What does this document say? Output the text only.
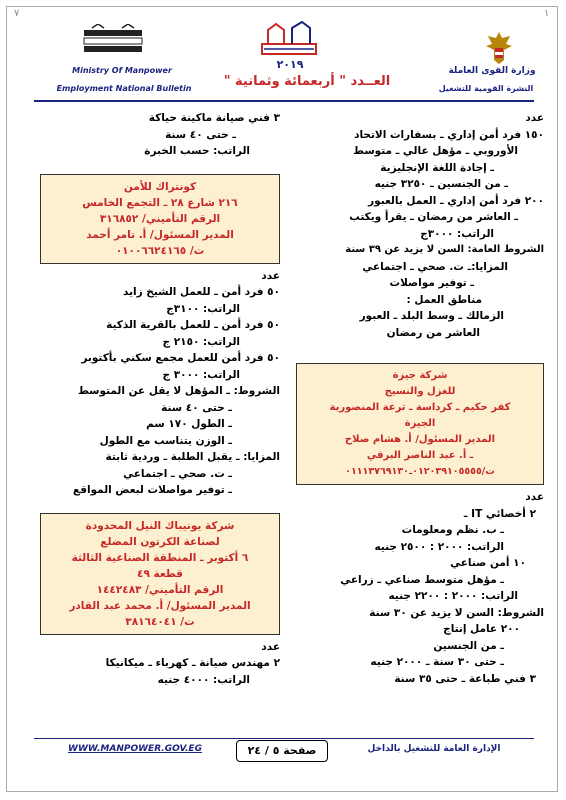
٧	١
Ministry Of Manpower
Employment National Bulletin
٢٠١٩
العــدد " أربعمائة وثمانية "
وزارة القوى العاملة
النشرة القومية للتشغيل
عدد
١٥٠ فرد أمن إداري ـ بسفارات الاتحاد
الأوروبي ـ مؤهل عالي ـ متوسط
ـ إجادة اللغة الإنجليزية
ـ من الجنسين ـ ٣٢٥٠ جنيه
٢٠٠ فرد أمن إداري ـ العمل بالعبور
ـ العاشر من رمضان ـ يقرأ ويكتب
الراتب: ٣٠٠٠ج
الشروط العامة: السن لا يزيد عن ٣٩ سنة
المزايا:ـ ت. صحي ـ اجتماعي
ـ توفير مواصلات
مناطق العمل :
الزمالك ـ وسط البلد ـ العبور
العاشر من رمضان
شركة جيزة
للغزل والنسيج
كفر حكيم ـ كرداسة ـ ترعة المنصورية
الجيزة
المدير المسئول/ أ. هشام صلاح
ـ أ. عبد الناصر البرقي
ت/٠١٢٠٣٩١٠٥٥٥٥ـ٠١١١٣٧٦٩١٣٠
عدد
٢ أخصائي IT ـ
ـ ب. نظم ومعلومات
الراتب: ٢٠٠٠ : ٢٥٠٠ جنيه
١٠ أمن صناعي
ـ مؤهل متوسط صناعي ـ زراعي
الراتب: ٢٠٠٠ : ٢٢٠٠ جنيه
الشروط: السن لا يزيد عن ٣٠ سنة
٢٠٠ عامل إنتاج
ـ من الجنسين
ـ حتى ٣٠ سنة ـ ٢٠٠٠ جنيه
٣ فني طباعة ـ حتى ٣٥ سنة
٣ فني صيانة ماكينة حياكة
ـ حتى ٤٠ سنة
الراتب: حسب الخبرة
كونتراك للأمن
٢١٦ شارع ٢٨ ـ التجمع الخامس
الرقم التأميني/ ٣١٦٨٥٢
المدير المسئول/ أ. تامر أحمد
ت/ ٠١٠٠٦٦٢٤١٦٥
عدد
٥٠ فرد أمن ـ للعمل الشيخ زايد
الراتب: ٣١٠٠ج
٥٠ فرد أمن ـ للعمل بالقرية الذكية
الراتب: ٢١٥٠ ج
٥٠ فرد أمن للعمل مجمع سكني بأكتوبر
الراتب: ٣٠٠٠ ج
الشروط: ـ المؤهل لا يقل عن المتوسط
ـ حتى ٤٠ سنة
ـ الطول ١٧٠ سم
ـ الوزن يتناسب مع الطول
المزايا: ـ يقبل الطلبة ـ وردية ثابتة
ـ ت. صحي ـ اجتماعي
ـ توفير مواصلات لبعض المواقع
شركة يونيباك النيل المحدودة
لصناعة الكرتون المضلع
٦ أكتوبر ـ المنطقة الصناعية الثالثة
قطعة ٤٩
الرقم التأميني/ ١٤٤٢٤٨٣
المدير المسئول/ أ. محمد عبد القادر
ت/ ٣٨١٦٤٠٤١
عدد
٢ مهندس صيانة ـ كهرباء ـ ميكانيكا
الراتب: ٤٠٠٠ جنيه
WWW.MANPOWER.GOV.EG	صفحة ٥ / ٢٤	الإدارة العامة للتشغيل بالداخل
